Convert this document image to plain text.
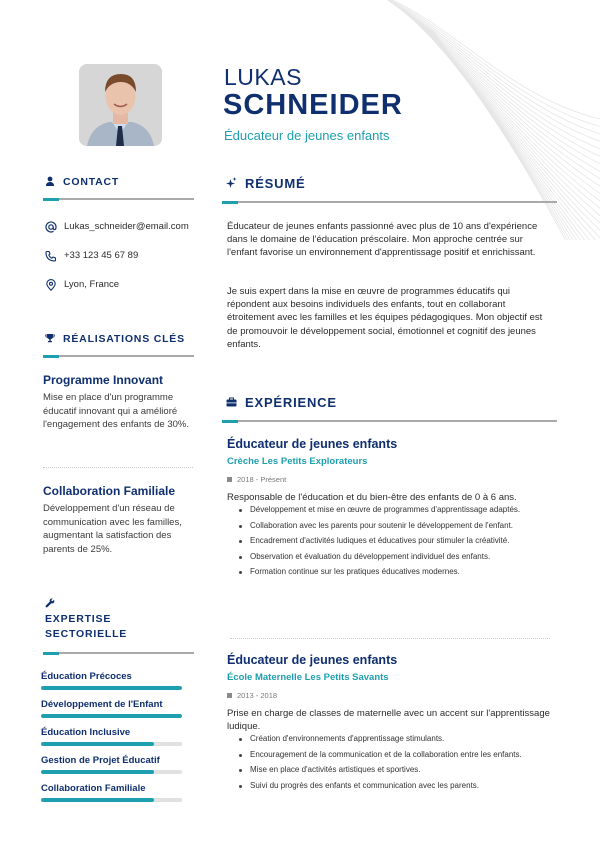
LUKAS
SCHNEIDER
Éducateur de jeunes enfants
CONTACT
Lukas_schneider@email.com
+33 123 45 67 89
Lyon, France
RÉALISATIONS CLÉS
Programme Innovant

Mise en place d'un programme éducatif innovant qui a amélioré l'engagement des enfants de 30%.

Collaboration Familiale

Développement d'un réseau de communication avec les familles, augmentant la satisfaction des parents de 25%.

EXPERTISE
SECTORIELLE
Éducation Précoces
Développement de l'Enfant
Éducation Inclusive
Gestion de Projet Éducatif
Collaboration Familiale
RÉSUMÉ

Éducateur de jeunes enfants passionné avec plus de 10 ans d'expérience dans le domaine de l'éducation préscolaire. Mon approche centrée sur l'enfant favorise un environnement d'apprentissage positif et enrichissant.

Je suis expert dans la mise en œuvre de programmes éducatifs qui répondent aux besoins individuels des enfants, tout en collaborant étroitement avec les familles et les équipes pédagogiques. Mon objectif est de promouvoir le développement social, émotionnel et cognitif des jeunes enfants.

EXPÉRIENCE
Éducateur de jeunes enfants
Crèche Les Petits Explorateurs
2018 - Présent
Responsable de l'éducation et du bien-être des enfants de 0 à 6 ans.
Développement et mise en œuvre de programmes d'apprentissage adaptés.
Collaboration avec les parents pour soutenir le développement de l'enfant.
Encadrement d'activités ludiques et éducatives pour stimuler la créativité.
Observation et évaluation du développement individuel des enfants.
Formation continue sur les pratiques éducatives modernes.
Éducateur de jeunes enfants
École Maternelle Les Petits Savants
2013 - 2018
Prise en charge de classes de maternelle avec un accent sur l'apprentissage ludique.
Création d'environnements d'apprentissage stimulants.
Encouragement de la communication et de la collaboration entre les enfants.
Mise en place d'activités artistiques et sportives.
Suivi du progrès des enfants et communication avec les parents.
